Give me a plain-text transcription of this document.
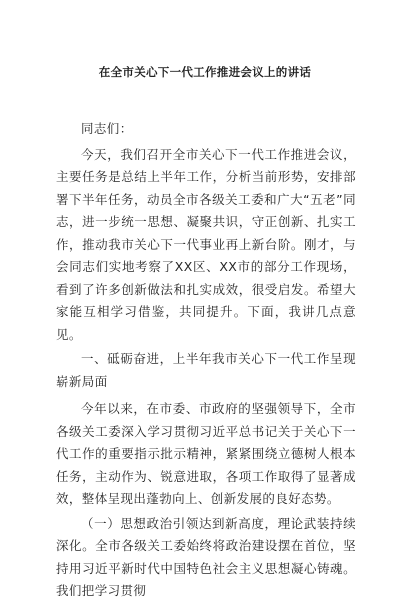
在全市关心下一代工作推进会议上的讲话

同志们：

今天，我们召开全市关心下一代工作推进会议，主要任务是总结上半年工作，分析当前形势，安排部署下半年任务，动员全市各级关工委和广大“五老”同志，进一步统一思想、凝聚共识，守正创新、扎实工作，推动我市关心下一代事业再上新台阶。刚才，与会同志们实地考察了XX区、XX市的部分工作现场，看到了许多创新做法和扎实成效，很受启发。希望大家能互相学习借鉴，共同提升。下面，我讲几点意见。

一、砥砺奋进，上半年我市关心下一代工作呈现崭新局面

今年以来，在市委、市政府的坚强领导下，全市各级关工委深入学习贯彻习近平总书记关于关心下一代工作的重要指示批示精神，紧紧围绕立德树人根本任务，主动作为、锐意进取，各项工作取得了显著成效，整体呈现出蓬勃向上、创新发展的良好态势。

（一）思想政治引领达到新高度，理论武装持续深化。全市各级关工委始终将政治建设摆在首位，坚持用习近平新时代中国特色社会主义思想凝心铸魂。我们把学习贯彻
